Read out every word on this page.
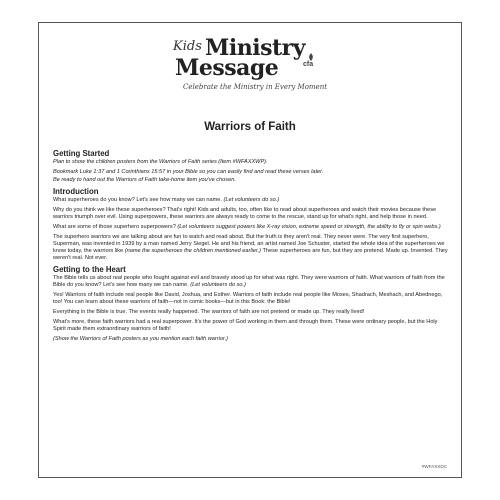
Kids Ministry
Message	cfa
Celebrate the Ministry in Every Moment
Warriors of Faith
Getting Started

Plan to show the children posters from the Warriors of Faith series (Item #WFAXXWP).

Bookmark Luke 1:37 and 1 Corinthians 15:57 in your Bible so you can easily find and read these verses later.

Be ready to hand out the Warriors of Faith take-home item you've chosen.

Introduction

What superheroes do you know? Let's see how many we can name. (Let volunteers do so.)

Why do you think we like these superheroes? That's right! Kids and adults, too, often like to read about superheroes and watch their movies because these warriors triumph over evil. Using superpowers, these warriors are always ready to come to the rescue, stand up for what's right, and help those in need.

What are some of those superhero superpowers? (Let volunteers suggest powers like X-ray vision, extreme speed or strength, the ability to fly or spin webs.)

The superhero warriors we are talking about are fun to watch and read about. But the truth is they aren't real. They never were. The very first superhero, Superman, was invented in 1939 by a man named Jerry Siegel. He and his friend, an artist named Joe Schuster, started the whole idea of the superheroes we know today, the warriors like (name the superheroes the children mentioned earlier.) These superheroes are fun, but they are pretend. Made up. Invented. They weren't real. Not ever.

Getting to the Heart

The Bible tells us about real people who fought against evil and bravely stood up for what was right. They were warriors of faith. What warriors of faith from the Bible do you know? Let's see how many we can name. (Let volunteers do so.)

Yes! Warriors of faith include real people like David, Joshua, and Esther. Warriors of faith include real people like Moses, Shadrach, Meshach, and Abednego, too! You can learn about these warriors of faith—not in comic books—but in this Book: the Bible!

Everything in the Bible is true. The events really happened. The warriors of faith are not pretend or made up. They really lived!

What's more, these faith warriors had a real superpower. It's the power of God working in them and through them. These were ordinary people, but the Holy Spirit made them extraordinary warriors of faith!

(Show the Warriors of Faith posters as you mention each faith warrior.)

#WFAXXDC
